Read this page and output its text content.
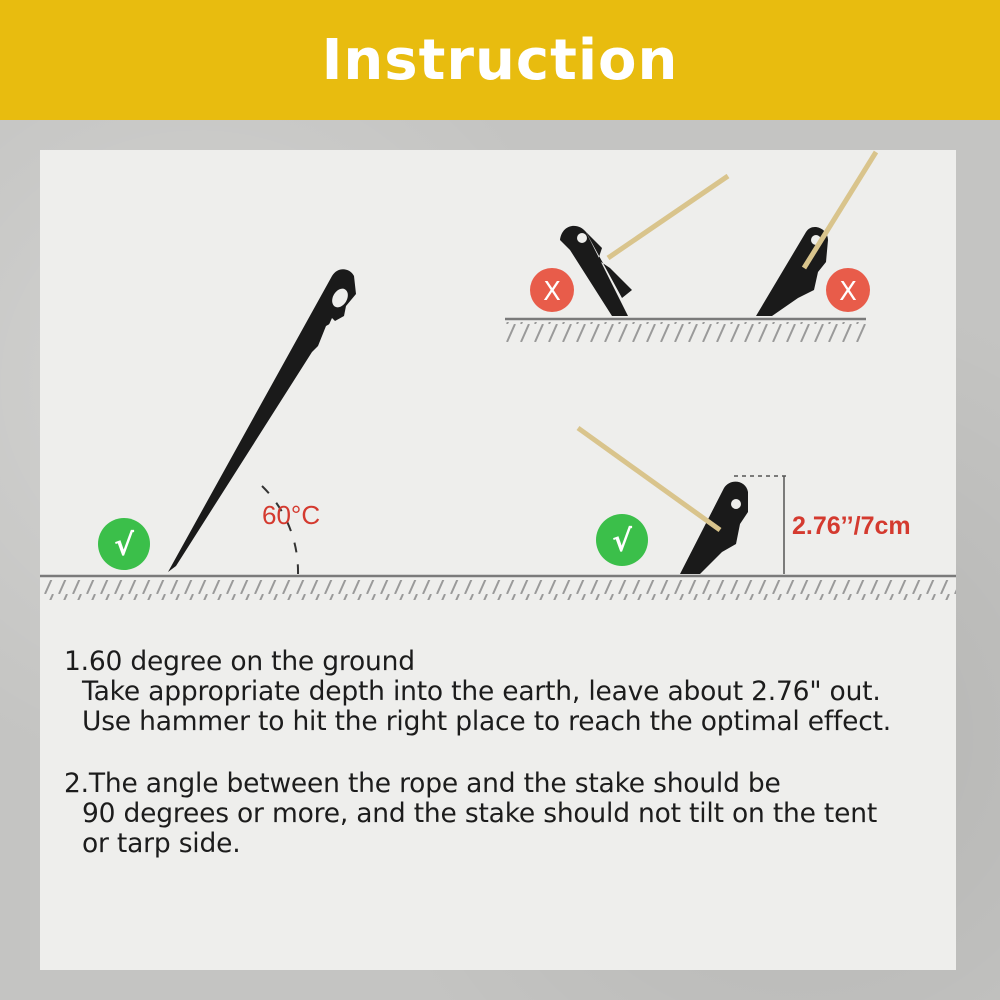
Instruction
60°C
√
X	X
√	2.76’’/7cm

1.60 degree on the ground

Take appropriate depth into the earth, leave about 2.76" out.

Use hammer to hit the right place to reach the optimal effect.

2.The angle between the rope and the stake should be

90 degrees or more, and the stake should not tilt on the tent

or tarp side.
